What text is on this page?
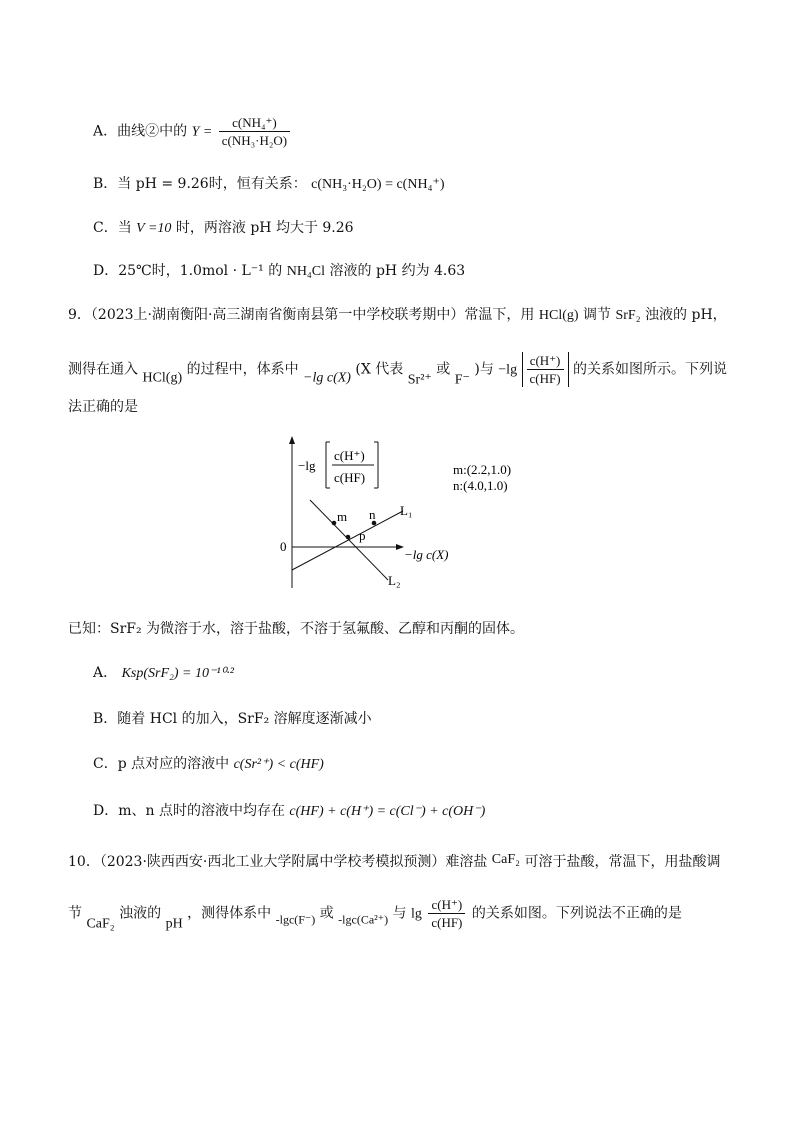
A．曲线②中的 $Y = \frac{\text{c(NH₄⁺)}}{\text{c(NH₃·H₂O)}}$
B．当 pH = 9.26时，恒有关系： c(NH₃·H₂O) = c(NH₄⁺)
C．当 V =10 时，两溶液 pH 均大于 9.26
D．25℃时，1.0mol · L⁻¹ 的 NH₄Cl 溶液的 pH 约为 4.63
9．（2023上·湖南衡阳·高三湖南省衡南县第一中学校联考期中）常温下，用 HCl(g) 调节 SrF₂ 浊液的 pH，
测得在通入 HCl(g) 的过程中，体系中 −lg c(X) (X 代表 Sr²⁺ 或 F⁻ )与 $-\lg \frac{c(H^+)}{c(HF)}$ 的关系如图所示。下列说
法正确的是
0
m n
p
L₁
L₂
−lg c(X)
−lg
c(H⁺)
c(HF)
m:(2.2,1.0)
n:(4.0,1.0)
已知：SrF₂ 为微溶于水，溶于盐酸，不溶于氢氟酸、乙醇和丙酮的固体。
A． Ksp(SrF₂) = 10⁻¹⁰·²
B．随着 HCl 的加入，SrF₂ 溶解度逐渐减小
C．p 点对应的溶液中 c(Sr²⁺) < c(HF)
D．m、n 点时的溶液中均存在 c(HF) + c(H⁺) = c(Cl⁻) + c(OH⁻)
10．（2023·陕西西安·西北工业大学附属中学校考模拟预测）难溶盐 CaF₂ 可溶于盐酸，常温下，用盐酸调
节 CaF₂ 浊液的 pH ，测得体系中 -lgc(F⁻) 或 -lgc(Ca²⁺) 与 $\lg \frac{c(H^+)}{c(HF)}$ 的关系如图。下列说法不正确的是
